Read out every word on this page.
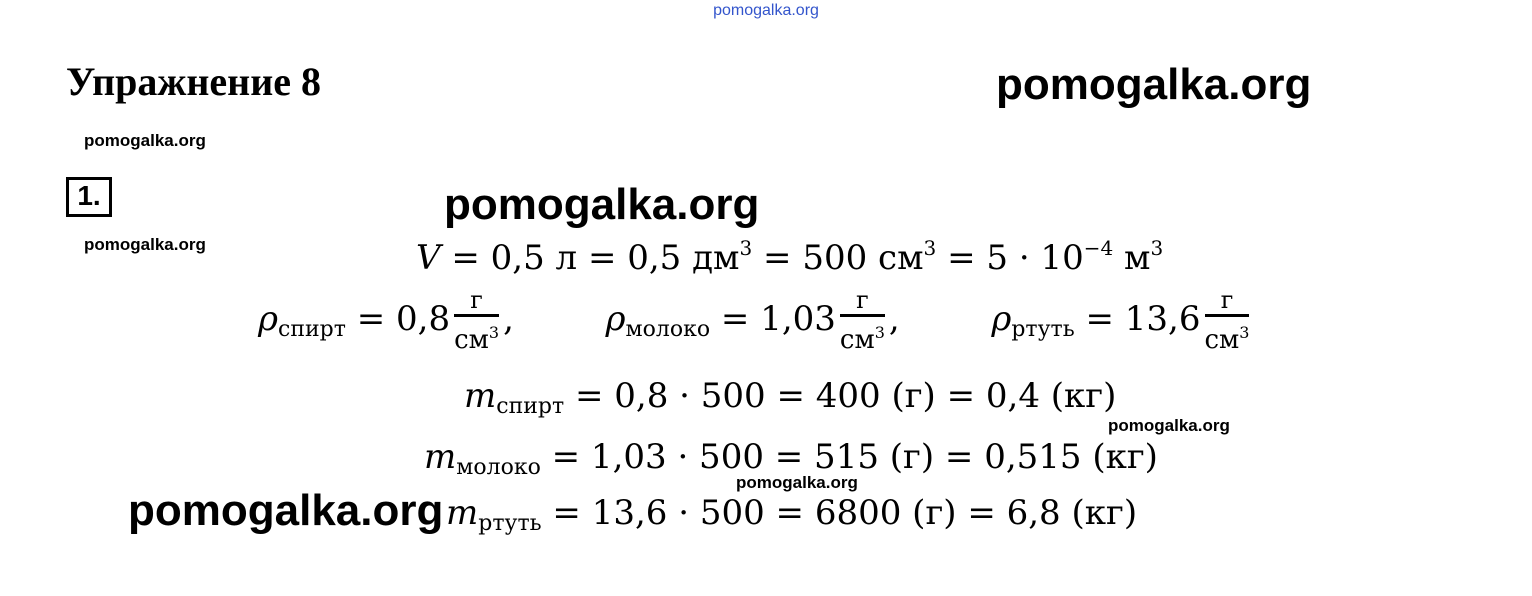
pomogalka.org
pomogalka.org
pomogalka.org
pomogalka.org
pomogalka.org
pomogalka.org
pomogalka.org
pomogalka.org
Упражнение 8
1.
V = 0,5 л = 0,5 $дм^3 = 500$ $см^3 = 5 \cdot 10^{-4}$ $м^3$
$\rho_{спирт} = 0,8 \frac{г}{см^3}$ ,	$\rho_{молоко} = 1,03 \frac{г}{см^3}$ ,	$\rho_{ртуть} = 13,6 \frac{г}{см^3}$
$m_{спирт} = 0,8 \cdot 500 = 400$ (г) = 0,4 (кг)
$m_{молоко} = 1,03 \cdot 500 = 515$ (г) = 0,515 (кг)
$m_{ртуть} = 13,6 \cdot 500 = 6800$ (г) = 6,8 (кг)
